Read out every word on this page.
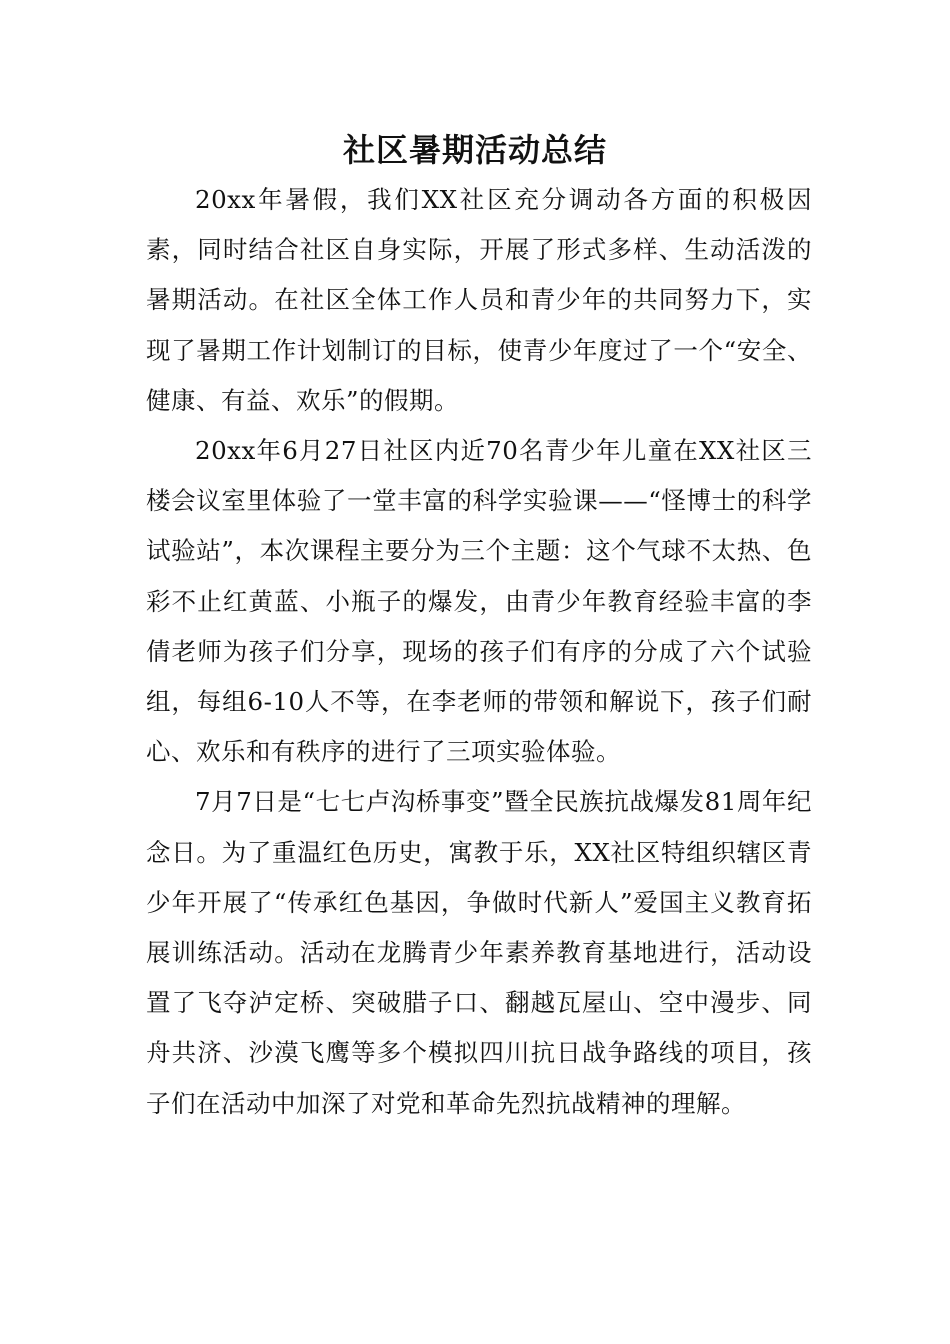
社区暑期活动总结

20xx年暑假，我们XX社区充分调动各方面的积极因素，同时结合社区自身实际，开展了形式多样、生动活泼的暑期活动。在社区全体工作人员和青少年的共同努力下，实现了暑期工作计划制订的目标，使青少年度过了一个“安全、健康、有益、欢乐”的假期。

20xx年6月27日社区内近70名青少年儿童在XX社区三楼会议室里体验了一堂丰富的科学实验课——“怪博士的科学试验站”，本次课程主要分为三个主题：这个气球不太热、色彩不止红黄蓝、小瓶子的爆发，由青少年教育经验丰富的李倩老师为孩子们分享，现场的孩子们有序的分成了六个试验组，每组6-10人不等，在李老师的带领和解说下，孩子们耐心、欢乐和有秩序的进行了三项实验体验。

7月7日是“七七卢沟桥事变”暨全民族抗战爆发81周年纪念日。为了重温红色历史，寓教于乐，XX社区特组织辖区青少年开展了“传承红色基因，争做时代新人”爱国主义教育拓展训练活动。活动在龙腾青少年素养教育基地进行，活动设置了飞夺泸定桥、突破腊子口、翻越瓦屋山、空中漫步、同舟共济、沙漠飞鹰等多个模拟四川抗日战争路线的项目，孩子们在活动中加深了对党和革命先烈抗战精神的理解。
